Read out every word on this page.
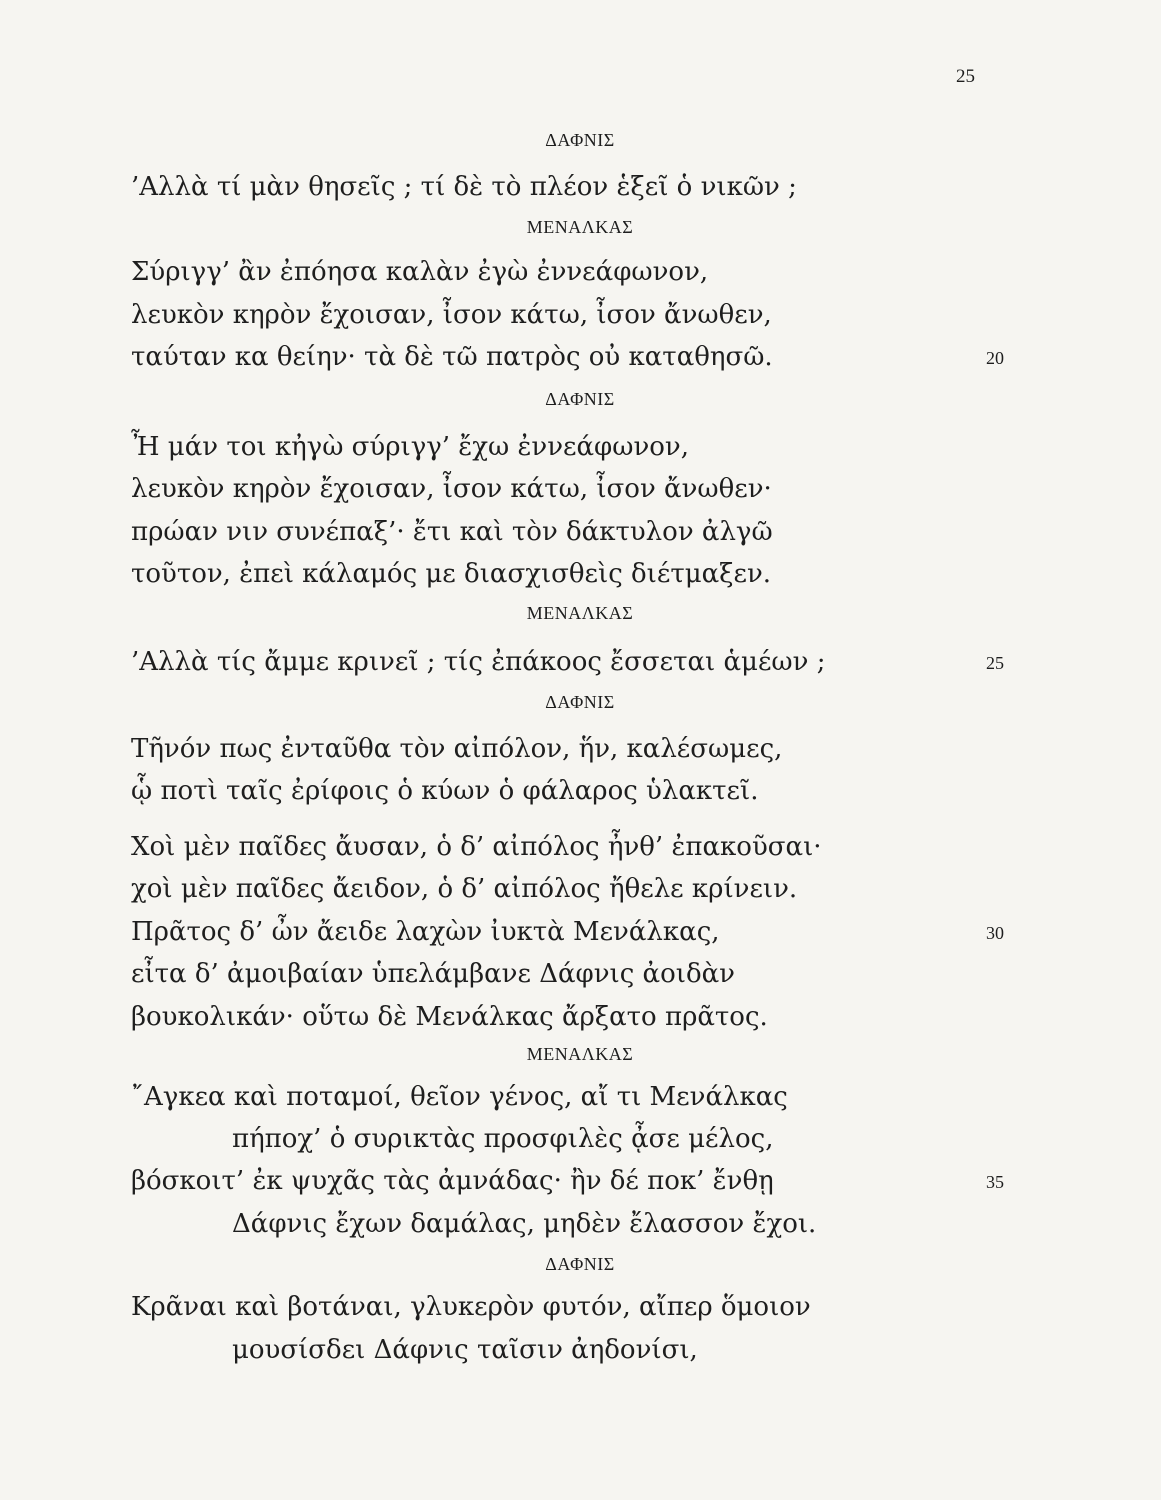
25
ΔΑΦΝΙΣ
’Αλλὰ τί μὰν θησεῖς ; τί δὲ τὸ πλέον ἑξεῖ ὁ νικῶν ;
ΜΕΝΑΛΚΑΣ
Σύριγγ’ ἂν ἐπόησα καλὰν ἐγὼ ἐννεάφωνον,
λευκὸν κηρὸν ἔχοισαν, ἶσον κάτω, ἶσον ἄνωθεν,
ταύταν κα θείην· τὰ δὲ τῶ πατρὸς οὐ καταθησῶ.	20
ΔΑΦΝΙΣ
Ἦ μάν τοι κἠγὼ σύριγγ’ ἔχω ἐννεάφωνον,
λευκὸν κηρὸν ἔχοισαν, ἶσον κάτω, ἶσον ἄνωθεν·
πρώαν νιν συνέπαξ’· ἔτι καὶ τὸν δάκτυλον ἀλγῶ
τοῦτον, ἐπεὶ κάλαμός με διασχισθεὶς διέτμαξεν.
ΜΕΝΑΛΚΑΣ
’Αλλὰ τίς ἄμμε κρινεῖ ; τίς ἐπάκοος ἔσσεται ἁμέων ;	25
ΔΑΦΝΙΣ
Τῆνόν πως ἐνταῦθα τὸν αἰπόλον, ἥν, καλέσωμες,
ᾧ ποτὶ ταῖς ἐρίφοις ὁ κύων ὁ φάλαρος ὑλακτεῖ.
Χοὶ μὲν παῖδες ἄυσαν, ὁ δ’ αἰπόλος ἦνθ’ ἐπακοῦσαι·
χοὶ μὲν παῖδες ἄειδον, ὁ δ’ αἰπόλος ἤθελε κρίνειν.
Πρᾶτος δ’ ὦν ἄειδε λαχὼν ἰυκτὰ Μενάλκας,	30
εἶτα δ’ ἀμοιβαίαν ὑπελάμβανε Δάφνις ἀοιδὰν
βουκολικάν· οὕτω δὲ Μενάλκας ἄρξατο πρᾶτος.
ΜΕΝΑΛΚΑΣ
῎Αγκεα καὶ ποταμοί, θεῖον γένος, αἴ τι Μενάλκας
πήποχ’ ὁ συρικτὰς προσφιλὲς ᾆσε μέλος,
βόσκοιτ’ ἐκ ψυχᾶς τὰς ἀμνάδας· ἢν δέ ποκ’ ἔνθῃ	35
Δάφνις ἔχων δαμάλας, μηδὲν ἔλασσον ἔχοι.
ΔΑΦΝΙΣ
Κρᾶναι καὶ βοτάναι, γλυκερὸν φυτόν, αἴπερ ὅμοιον
μουσίσδει Δάφνις ταῖσιν ἀηδονίσι,
